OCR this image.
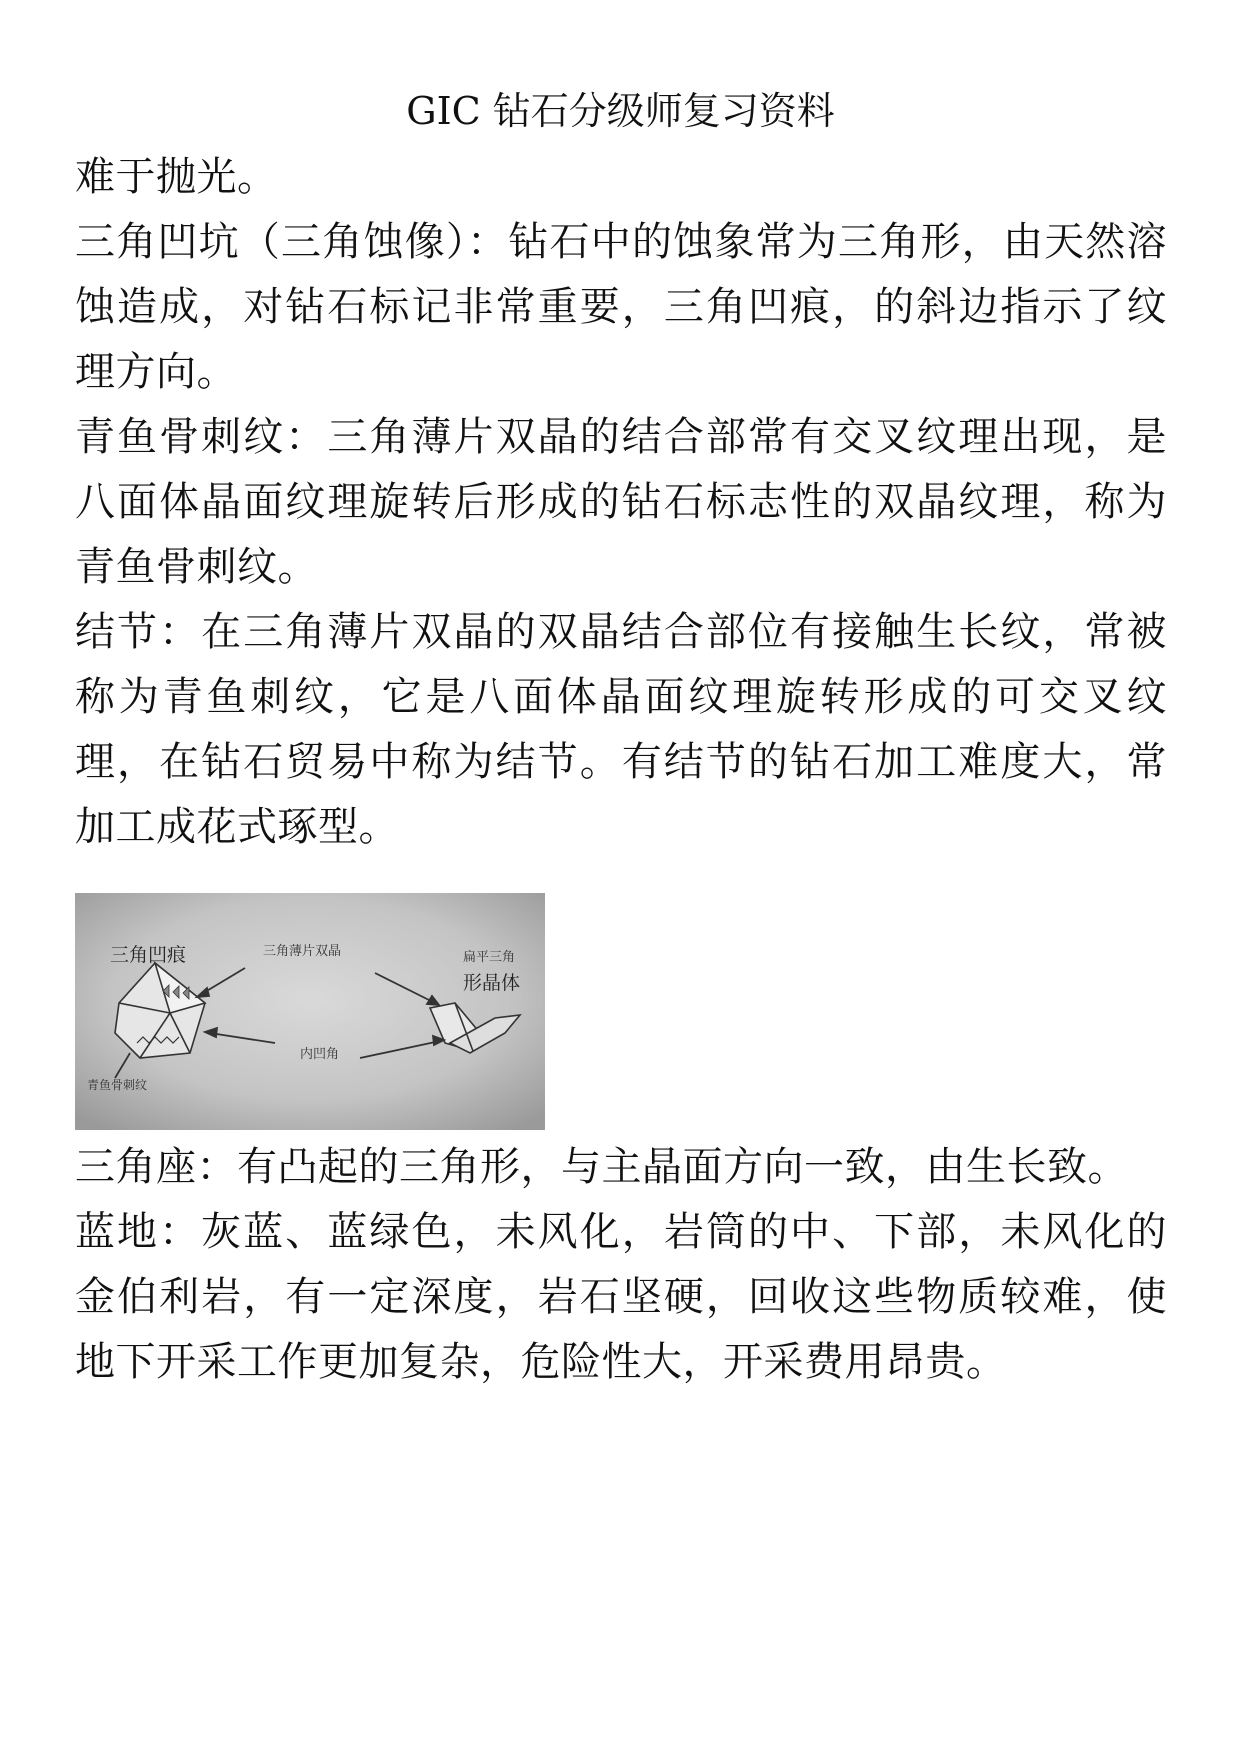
GIC 钻石分级师复习资料

难于抛光。

三角凹坑（三角蚀像）：钻石中的蚀象常为三角形，由天然溶蚀造成，对钻石标记非常重要，三角凹痕，的斜边指示了纹理方向。

青鱼骨刺纹：三角薄片双晶的结合部常有交叉纹理出现，是八面体晶面纹理旋转后形成的钻石标志性的双晶纹理，称为青鱼骨刺纹。

结节：在三角薄片双晶的双晶结合部位有接触生长纹，常被称为青鱼刺纹，它是八面体晶面纹理旋转形成的可交叉纹理，在钻石贸易中称为结节。有结节的钻石加工难度大，常加工成花式琢型。

三角凹痕	三角薄片双晶	扁平三角
形晶体
内凹角
青鱼骨刺纹

三角座：有凸起的三角形，与主晶面方向一致，由生长致。

蓝地：灰蓝、蓝绿色，未风化，岩筒的中、下部，未风化的金伯利岩，有一定深度，岩石坚硬，回收这些物质较难，使地下开采工作更加复杂，危险性大，开采费用昂贵。
